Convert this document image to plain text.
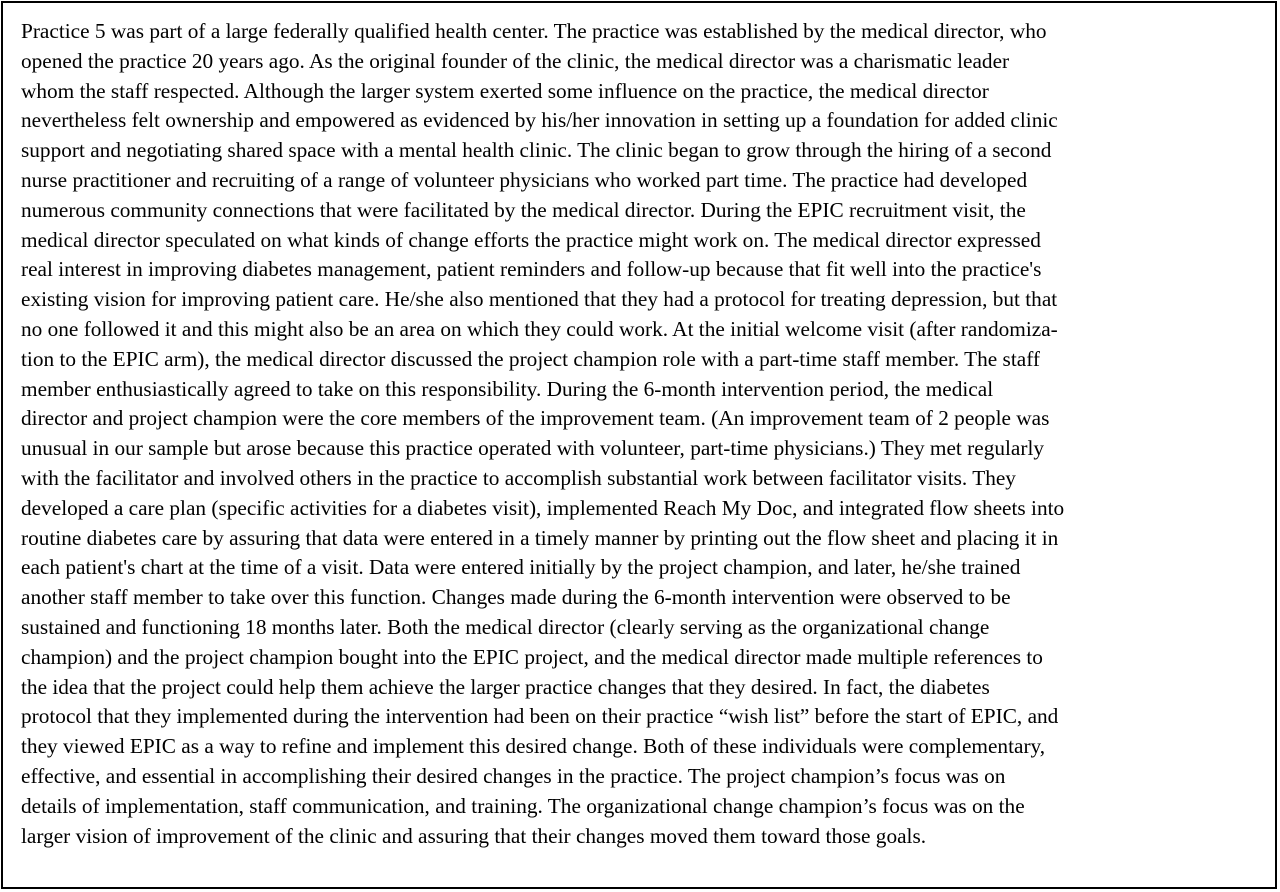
Practice 5 was part of a large federally qualified health center. The practice was established by the medical director, who
opened the practice 20 years ago. As the original founder of the clinic, the medical director was a charismatic leader
whom the staff respected. Although the larger system exerted some influence on the practice, the medical director
nevertheless felt ownership and empowered as evidenced by his/her innovation in setting up a foundation for added clinic
support and negotiating shared space with a mental health clinic. The clinic began to grow through the hiring of a second
nurse practitioner and recruiting of a range of volunteer physicians who worked part time. The practice had developed
numerous community connections that were facilitated by the medical director. During the EPIC recruitment visit, the
medical director speculated on what kinds of change efforts the practice might work on. The medical director expressed
real interest in improving diabetes management, patient reminders and follow-up because that fit well into the practice's
existing vision for improving patient care. He/she also mentioned that they had a protocol for treating depression, but that
no one followed it and this might also be an area on which they could work. At the initial welcome visit (after randomiza-
tion to the EPIC arm), the medical director discussed the project champion role with a part-time staff member. The staff
member enthusiastically agreed to take on this responsibility. During the 6-month intervention period, the medical
director and project champion were the core members of the improvement team. (An improvement team of 2 people was
unusual in our sample but arose because this practice operated with volunteer, part-time physicians.) They met regularly
with the facilitator and involved others in the practice to accomplish substantial work between facilitator visits. They
developed a care plan (specific activities for a diabetes visit), implemented Reach My Doc, and integrated flow sheets into
routine diabetes care by assuring that data were entered in a timely manner by printing out the flow sheet and placing it in
each patient's chart at the time of a visit. Data were entered initially by the project champion, and later, he/she trained
another staff member to take over this function. Changes made during the 6-month intervention were observed to be
sustained and functioning 18 months later. Both the medical director (clearly serving as the organizational change
champion) and the project champion bought into the EPIC project, and the medical director made multiple references to
the idea that the project could help them achieve the larger practice changes that they desired. In fact, the diabetes
protocol that they implemented during the intervention had been on their practice “wish list” before the start of EPIC, and
they viewed EPIC as a way to refine and implement this desired change. Both of these individuals were complementary,
effective, and essential in accomplishing their desired changes in the practice. The project champion’s focus was on
details of implementation, staff communication, and training. The organizational change champion’s focus was on the
larger vision of improvement of the clinic and assuring that their changes moved them toward those goals.
